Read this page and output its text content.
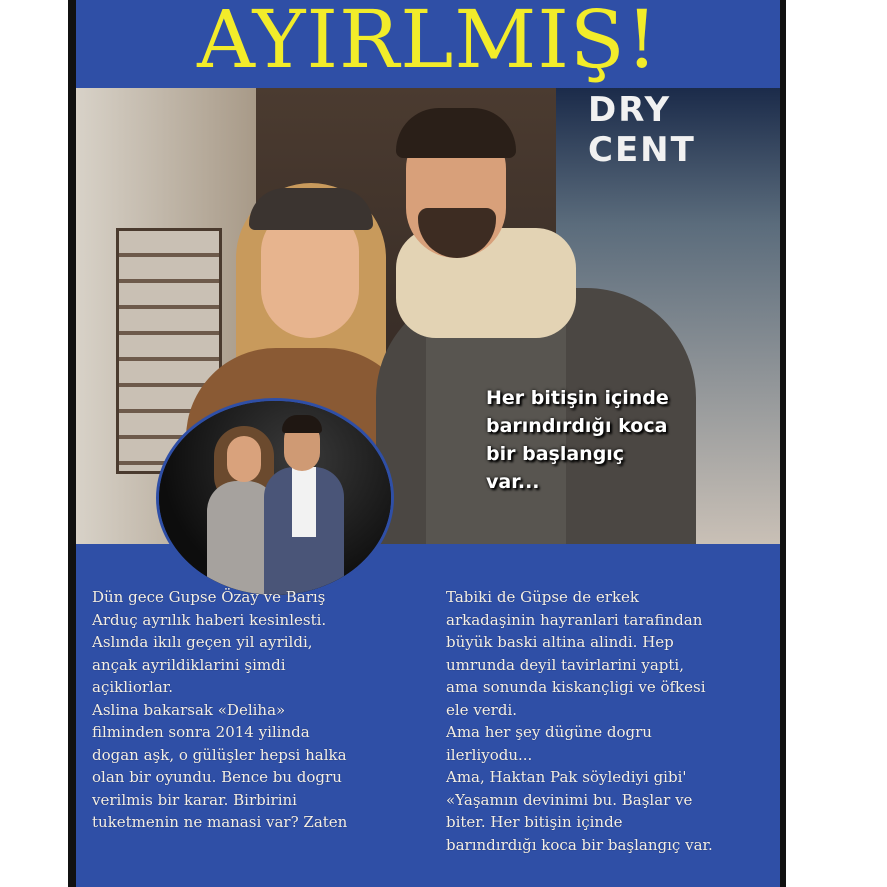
AYIRLMIŞ!
DRY CENT
Her bitişin içinde
barındırdığı koca
bir başlangıç
var...
Dün gece Gupse Özay ve Barış
Arduç ayrılık haberi kesinlesti.
Aslında ikılı geçen yil ayrildi,
ançak ayrildiklarini şimdi
açikliorlar.
Aslina bakarsak «Deliha»
filminden sonra 2014 yilinda
dogan aşk, o gülüşler hepsi halka
olan bir oyundu. Bence bu dogru
verilmis bir karar. Birbirini
tuketmenin ne manasi var? Zaten
Tabiki de Güpse de erkek
arkadaşinin hayranlari tarafindan
büyük baski altina alindi. Hep
umrunda deyil tavirlarini yapti,
ama sonunda kiskançligi ve öfkesi
ele verdi.
Ama her şey dügüne dogru
ilerliyodu...
Ama, Haktan Pak söylediyi gibi'
«Yaşamın devinimi bu. Başlar ve
biter. Her bitişin içinde
barındırdığı koca bir başlangıç var.
